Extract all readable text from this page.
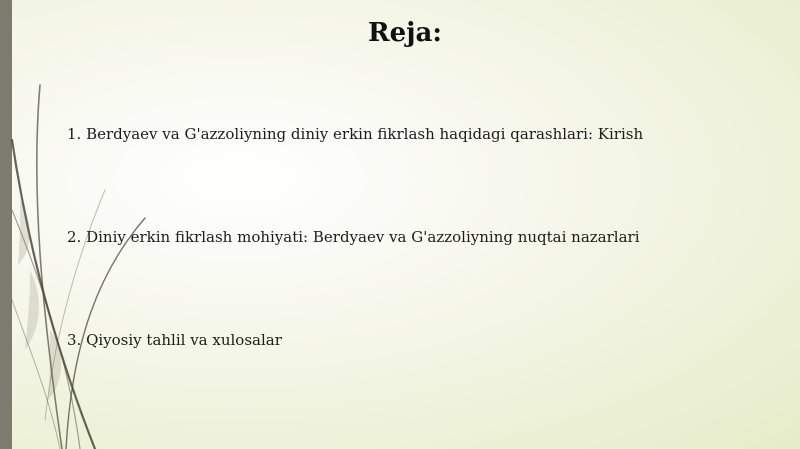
Reja:
1. Berdyaev va G'azzoliyning diniy erkin fikrlash haqidagi qarashlari: Kirish
2. Diniy erkin fikrlash mohiyati: Berdyaev va G'azzoliyning nuqtai nazarlari
3. Qiyosiy tahlil va xulosalar
